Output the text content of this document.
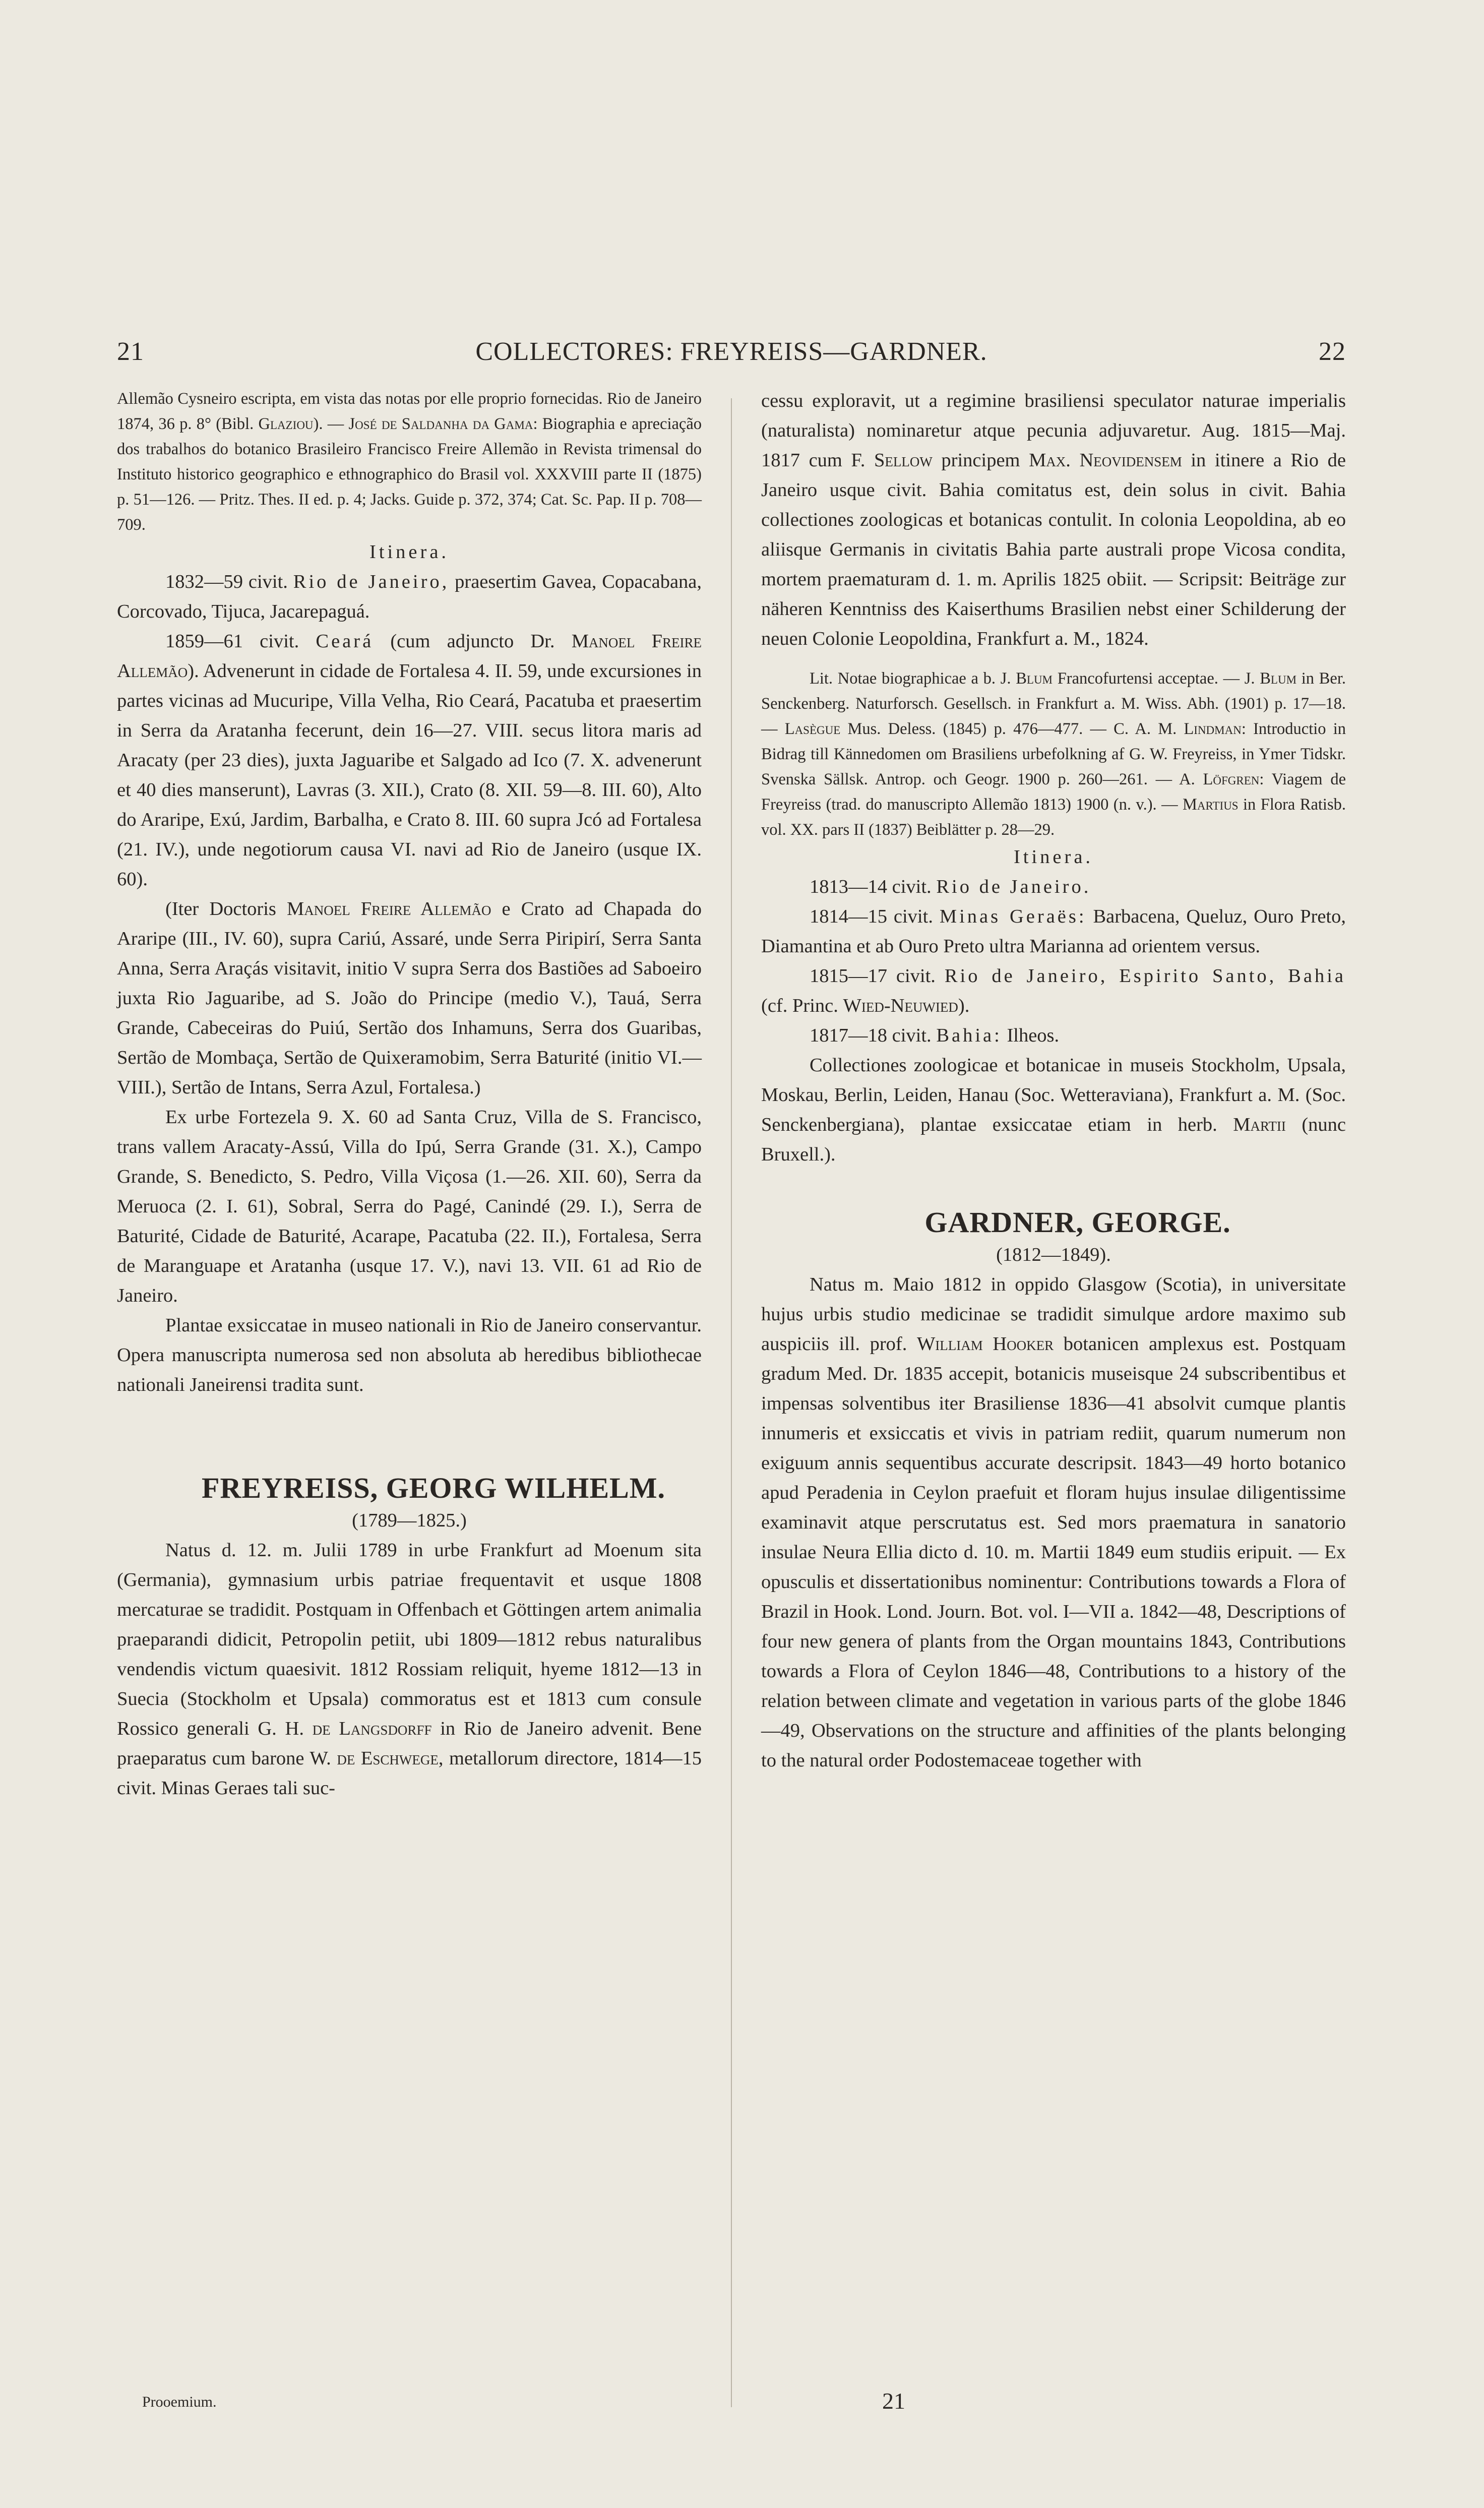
21	COLLECTORES: FREYREISS—GARDNER.	22

Allemão Cysneiro escripta, em vista das notas por elle proprio fornecidas. Rio de Janeiro 1874, 36 p. 8° (Bibl. Glaziou). — José de Saldanha da Gama: Biographia e apreciação dos trabalhos do botanico Brasileiro Francisco Freire Allemão in Revista trimensal do Instituto historico geographico e ethnographico do Brasil vol. XXXVIII parte II (1875) p. 51—126. — Pritz. Thes. II ed. p. 4; Jacks. Guide p. 372, 374; Cat. Sc. Pap. II p. 708—709.

Itinera.

1832—59 civit. Rio de Janeiro, praesertim Gavea, Copacabana, Corcovado, Tijuca, Jacarepaguá.

1859—61 civit. Ceará (cum adjuncto Dr. Manoel Freire Allemão). Advenerunt in cidade de Fortalesa 4. II. 59, unde excursiones in partes vicinas ad Mucuripe, Villa Velha, Rio Ceará, Pacatuba et praesertim in Serra da Aratanha fecerunt, dein 16—27. VIII. secus litora maris ad Aracaty (per 23 dies), juxta Jaguaribe et Salgado ad Ico (7. X. advenerunt et 40 dies manserunt), Lavras (3. XII.), Crato (8. XII. 59—8. III. 60), Alto do Araripe, Exú, Jardim, Barbalha, e Crato 8. III. 60 supra Jcó ad Fortalesa (21. IV.), unde negotiorum causa VI. navi ad Rio de Janeiro (usque IX. 60).

(Iter Doctoris Manoel Freire Allemão e Crato ad Chapada do Araripe (III., IV. 60), supra Cariú, Assaré, unde Serra Piripirí, Serra Santa Anna, Serra Araçás visitavit, initio V supra Serra dos Bastiões ad Saboeiro juxta Rio Jaguaribe, ad S. João do Principe (medio V.), Tauá, Serra Grande, Cabeceiras do Puiú, Sertão dos Inhamuns, Serra dos Guaribas, Sertão de Mombaça, Sertão de Quixeramobim, Serra Baturité (initio VI.—VIII.), Sertão de Intans, Serra Azul, Fortalesa.)

Ex urbe Fortezela 9. X. 60 ad Santa Cruz, Villa de S. Francisco, trans vallem Aracaty-Assú, Villa do Ipú, Serra Grande (31. X.), Campo Grande, S. Benedicto, S. Pedro, Villa Viçosa (1.—26. XII. 60), Serra da Meruoca (2. I. 61), Sobral, Serra do Pagé, Canindé (29. I.), Serra de Baturité, Cidade de Baturité, Acarape, Pacatuba (22. II.), Fortalesa, Serra de Maranguape et Aratanha (usque 17. V.), navi 13. VII. 61 ad Rio de Janeiro.

Plantae exsiccatae in museo nationali in Rio de Janeiro conservantur. Opera manuscripta numerosa sed non absoluta ab heredibus bibliothecae nationali Janeirensi tradita sunt.

FREYREISS, GEORG WILHELM.

(1789—1825.)

Natus d. 12. m. Julii 1789 in urbe Frankfurt ad Moenum sita (Germania), gymnasium urbis patriae frequentavit et usque 1808 mercaturae se tradidit. Postquam in Offenbach et Göttingen artem animalia praeparandi didicit, Petropolin petiit, ubi 1809—1812 rebus naturalibus vendendis victum quaesivit. 1812 Rossiam reliquit, hyeme 1812—13 in Suecia (Stockholm et Upsala) commoratus est et 1813 cum consule Rossico generali G. H. de Langsdorff in Rio de Janeiro advenit. Bene praeparatus cum barone W. de Eschwege, metallorum directore, 1814—15 civit. Minas Geraes tali suc-

Prooemium.

cessu exploravit, ut a regimine brasiliensi speculator naturae imperialis (naturalista) nominaretur atque pecunia adjuvaretur. Aug. 1815—Maj. 1817 cum F. Sellow principem Max. Neovidensem in itinere a Rio de Janeiro usque civit. Bahia comitatus est, dein solus in civit. Bahia collectiones zoologicas et botanicas contulit. In colonia Leopoldina, ab eo aliisque Germanis in civitatis Bahia parte australi prope Vicosa condita, mortem praematuram d. 1. m. Aprilis 1825 obiit. — Scripsit: Beiträge zur näheren Kenntniss des Kaiserthums Brasilien nebst einer Schilderung der neuen Colonie Leopoldina, Frankfurt a. M., 1824.

Lit. Notae biographicae a b. J. Blum Francofurtensi acceptae. — J. Blum in Ber. Senckenberg. Naturforsch. Gesellsch. in Frankfurt a. M. Wiss. Abh. (1901) p. 17—18. — Lasègue Mus. Deless. (1845) p. 476—477. — C. A. M. Lindman: Introductio in Bidrag till Kännedomen om Brasiliens urbefolkning af G. W. Freyreiss, in Ymer Tidskr. Svenska Sällsk. Antrop. och Geogr. 1900 p. 260—261. — A. Löfgren: Viagem de Freyreiss (trad. do manuscripto Allemão 1813) 1900 (n. v.). — Martius in Flora Ratisb. vol. XX. pars II (1837) Beiblätter p. 28—29.

Itinera.

1813—14 civit. Rio de Janeiro.

1814—15 civit. Minas Geraës: Barbacena, Queluz, Ouro Preto, Diamantina et ab Ouro Preto ultra Marianna ad orientem versus.

1815—17 civit. Rio de Janeiro, Espirito Santo, Bahia (cf. Princ. Wied-Neuwied).

1817—18 civit. Bahia: Ilheos.

Collectiones zoologicae et botanicae in museis Stockholm, Upsala, Moskau, Berlin, Leiden, Hanau (Soc. Wetteraviana), Frankfurt a. M. (Soc. Senckenbergiana), plantae exsiccatae etiam in herb. Martii (nunc Bruxell.).

GARDNER, GEORGE.

(1812—1849).

Natus m. Maio 1812 in oppido Glasgow (Scotia), in universitate hujus urbis studio medicinae se tradidit simulque ardore maximo sub auspiciis ill. prof. William Hooker botanicen amplexus est. Postquam gradum Med. Dr. 1835 accepit, botanicis museisque 24 subscribentibus et impensas solventibus iter Brasiliense 1836—41 absolvit cumque plantis innumeris et exsiccatis et vivis in patriam rediit, quarum numerum non exiguum annis sequentibus accurate descripsit. 1843—49 horto botanico apud Peradenia in Ceylon praefuit et floram hujus insulae diligentissime examinavit atque perscrutatus est. Sed mors praematura in sanatorio insulae Neura Ellia dicto d. 10. m. Martii 1849 eum studiis eripuit. — Ex opusculis et dissertationibus nominentur: Contributions towards a Flora of Brazil in Hook. Lond. Journ. Bot. vol. I—VII a. 1842—48, Descriptions of four new genera of plants from the Organ mountains 1843, Contributions towards a Flora of Ceylon 1846—48, Contributions to a history of the relation between climate and vegetation in various parts of the globe 1846—49, Observations on the structure and affinities of the plants belonging to the natural order Podostemaceae together with

21
